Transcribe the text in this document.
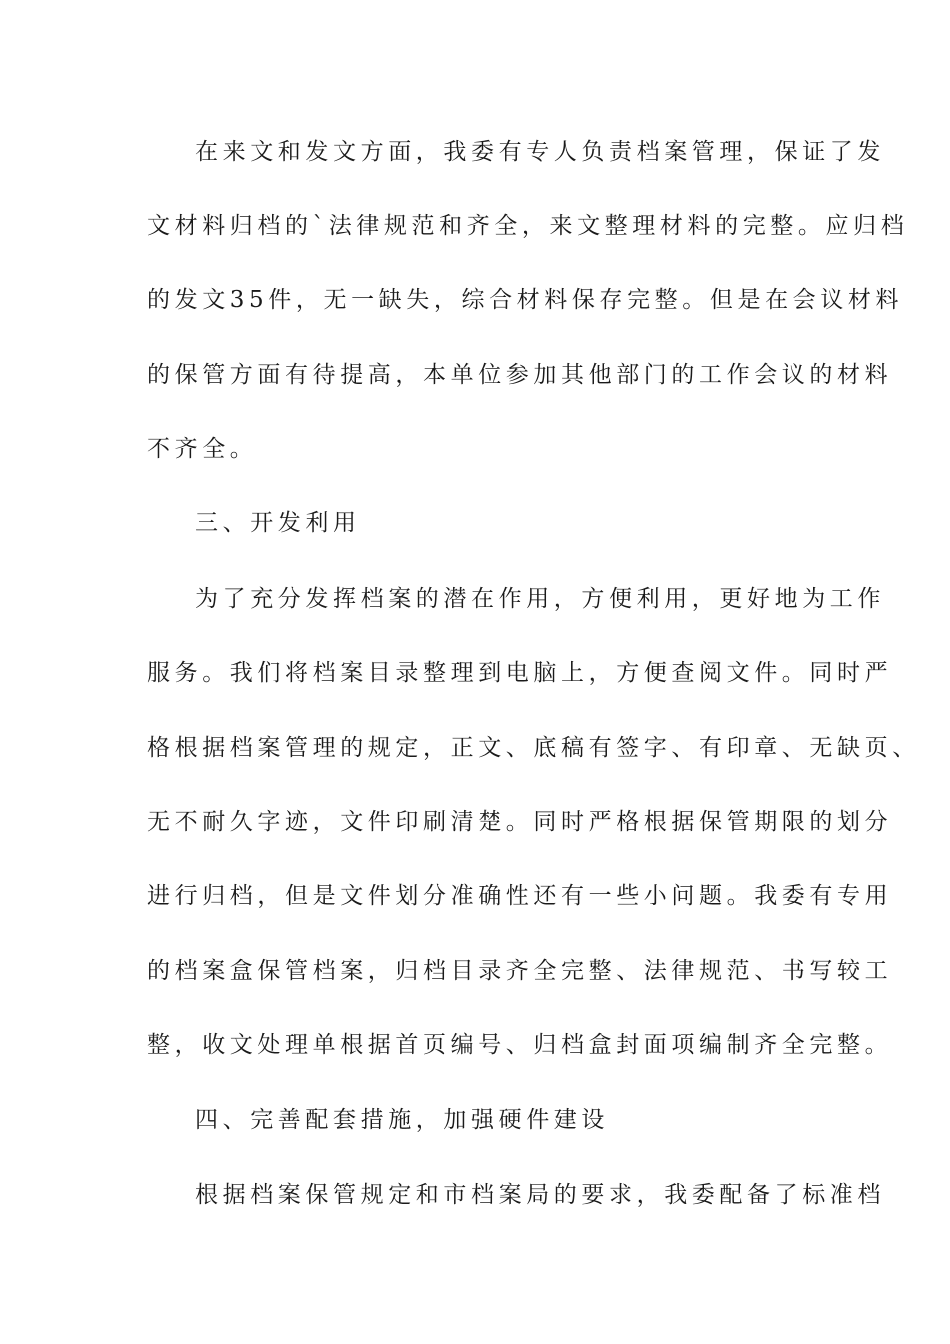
在来文和发文方面，我委有专人负责档案管理，保证了发
文材料归档的`法律规范和齐全，来文整理材料的完整。应归档
的发文35件，无一缺失，综合材料保存完整。但是在会议材料
的保管方面有待提高，本单位参加其他部门的工作会议的材料
不齐全。
三、开发利用
为了充分发挥档案的潜在作用，方便利用，更好地为工作
服务。我们将档案目录整理到电脑上，方便查阅文件。同时严
格根据档案管理的规定，正文、底稿有签字、有印章、无缺页、
无不耐久字迹，文件印刷清楚。同时严格根据保管期限的划分
进行归档，但是文件划分准确性还有一些小问题。我委有专用
的档案盒保管档案，归档目录齐全完整、法律规范、书写较工
整，收文处理单根据首页编号、归档盒封面项编制齐全完整。
四、完善配套措施，加强硬件建设
根据档案保管规定和市档案局的要求，我委配备了标准档
